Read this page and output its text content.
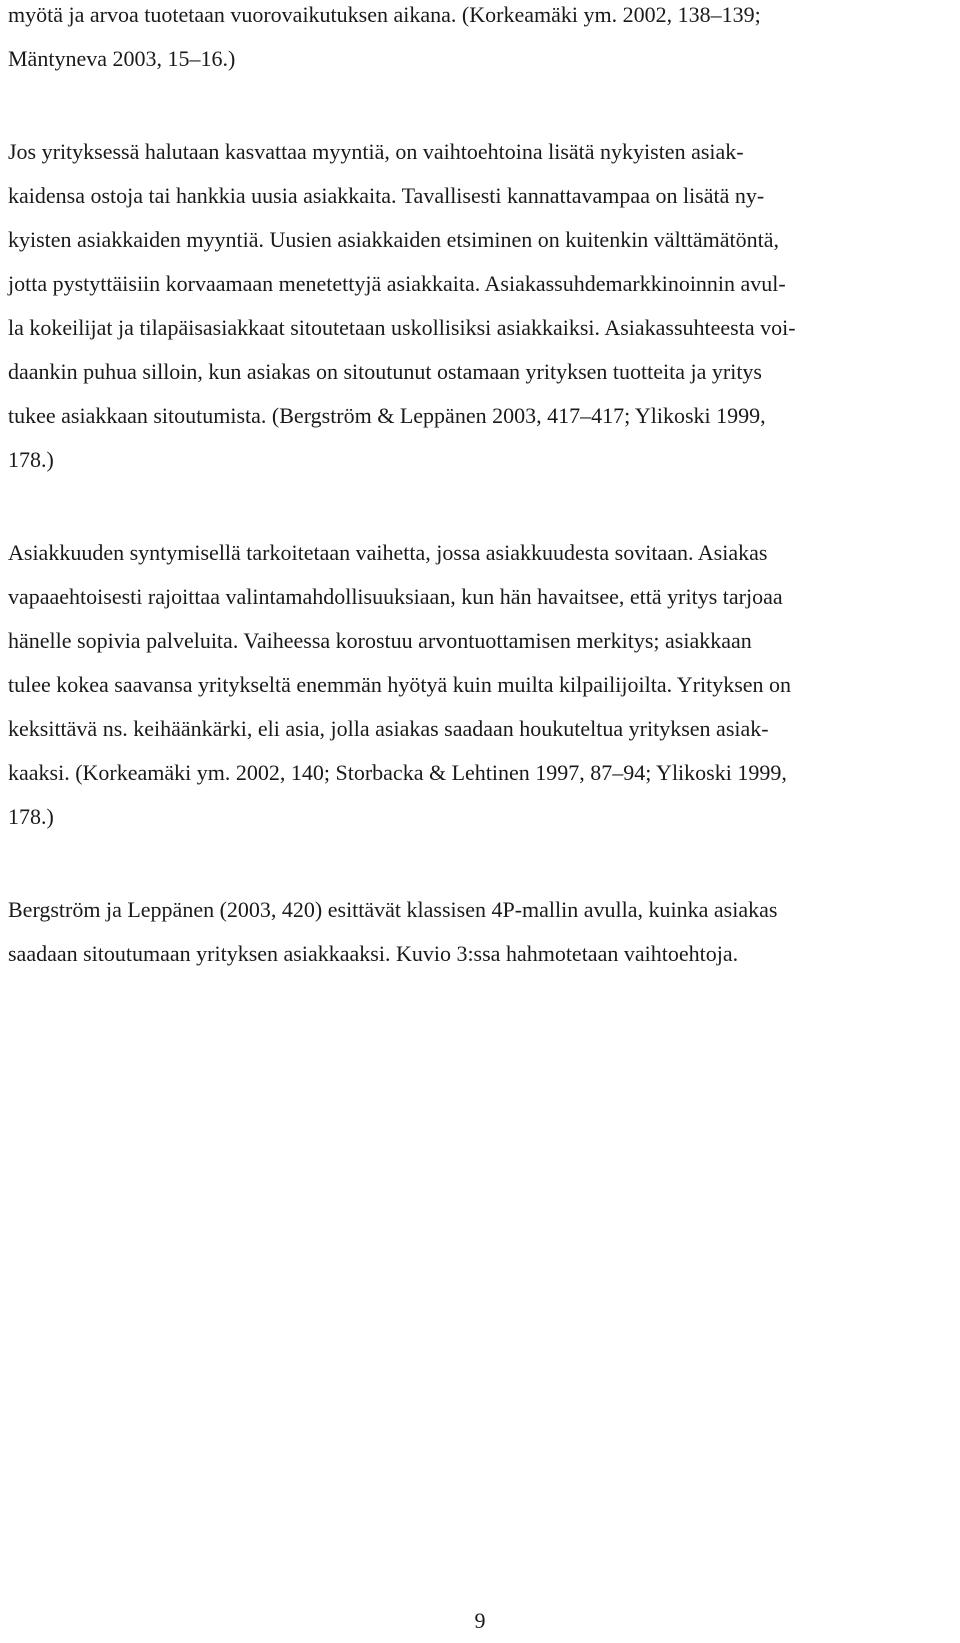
myötä ja arvoa tuotetaan vuorovaikutuksen aikana. (Korkeamäki ym. 2002, 138–139;
Mäntyneva 2003, 15–16.)
Jos yrityksessä halutaan kasvattaa myyntiä, on vaihtoehtoina lisätä nykyisten asiak-
kaidensa ostoja tai hankkia uusia asiakkaita. Tavallisesti kannattavampaa on lisätä ny-
kyisten asiakkaiden myyntiä. Uusien asiakkaiden etsiminen on kuitenkin välttämätöntä,
jotta pystyttäisiin korvaamaan menetettyjä asiakkaita. Asiakassuhdemarkkinoinnin avul-
la kokeilijat ja tilapäisasiakkaat sitoutetaan uskollisiksi asiakkaiksi. Asiakassuhteesta voi-
daankin puhua silloin, kun asiakas on sitoutunut ostamaan yrityksen tuotteita ja yritys
tukee asiakkaan sitoutumista. (Bergström & Leppänen 2003, 417–417; Ylikoski 1999,
178.)
Asiakkuuden syntymisellä tarkoitetaan vaihetta, jossa asiakkuudesta sovitaan. Asiakas
vapaaehtoisesti rajoittaa valintamahdollisuuksiaan, kun hän havaitsee, että yritys tarjoaa
hänelle sopivia palveluita. Vaiheessa korostuu arvontuottamisen merkitys; asiakkaan
tulee kokea saavansa yritykseltä enemmän hyötyä kuin muilta kilpailijoilta. Yrityksen on
keksittävä ns. keihäänkärki, eli asia, jolla asiakas saadaan houkuteltua yrityksen asiak-
kaaksi. (Korkeamäki ym. 2002, 140; Storbacka & Lehtinen 1997, 87–94; Ylikoski 1999,
178.)
Bergström ja Leppänen (2003, 420) esittävät klassisen 4P-mallin avulla, kuinka asiakas
saadaan sitoutumaan yrityksen asiakkaaksi. Kuvio 3:ssa hahmotetaan vaihtoehtoja.
9
